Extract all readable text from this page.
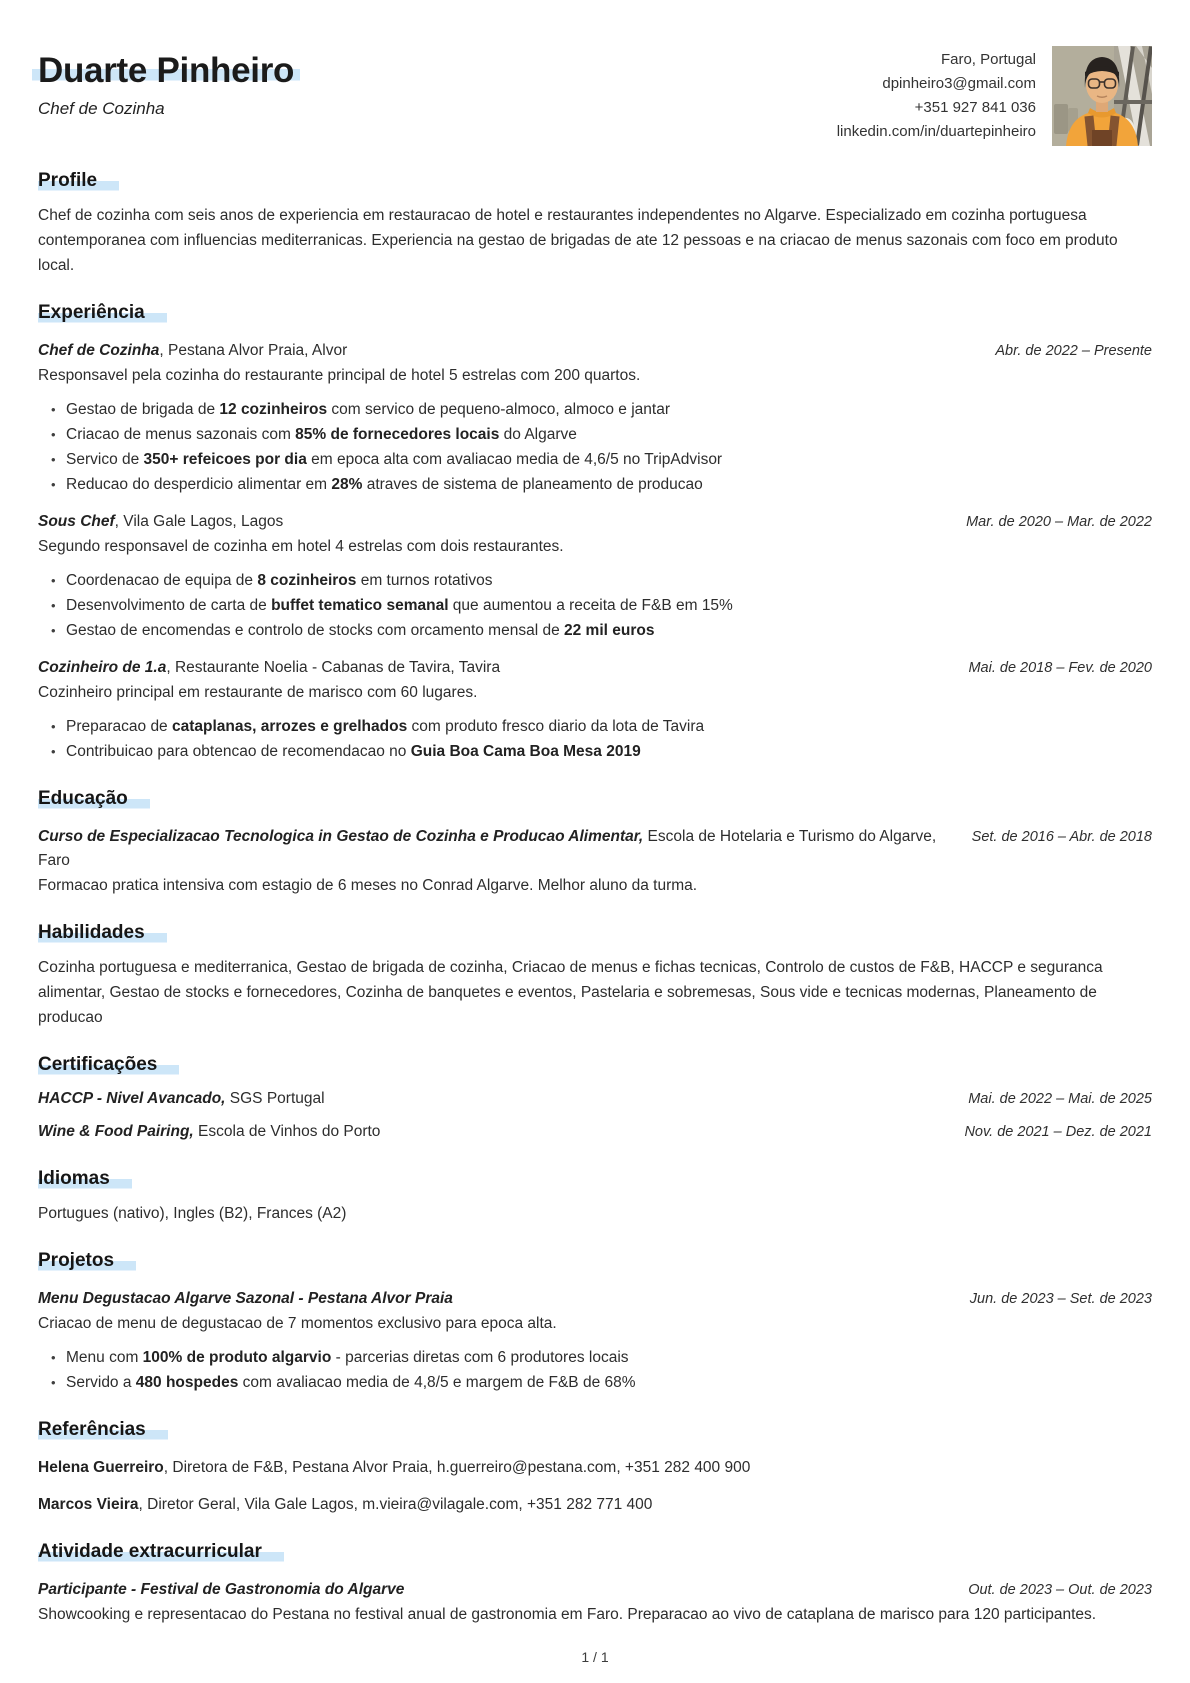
Duarte Pinheiro
Chef de Cozinha
Faro, Portugal
dpinheiro3@gmail.com
+351 927 841 036
linkedin.com/in/duartepinheiro
Profile

Chef de cozinha com seis anos de experiencia em restauracao de hotel e restaurantes independentes no Algarve. Especializado em cozinha portuguesa contemporanea com influencias mediterranicas. Experiencia na gestao de brigadas de ate 12 pessoas e na criacao de menus sazonais com foco em produto local.

Experiência
Chef de Cozinha, Pestana Alvor Praia, Alvor	Abr. de 2022 – Presente
Responsavel pela cozinha do restaurante principal de hotel 5 estrelas com 200 quartos.
• Gestao de brigada de 12 cozinheiros com servico de pequeno-almoco, almoco e jantar
• Criacao de menus sazonais com 85% de fornecedores locais do Algarve
• Servico de 350+ refeicoes por dia em epoca alta com avaliacao media de 4,6/5 no TripAdvisor
• Reducao do desperdicio alimentar em 28% atraves de sistema de planeamento de producao
Sous Chef, Vila Gale Lagos, Lagos	Mar. de 2020 – Mar. de 2022
Segundo responsavel de cozinha em hotel 4 estrelas com dois restaurantes.
• Coordenacao de equipa de 8 cozinheiros em turnos rotativos
• Desenvolvimento de carta de buffet tematico semanal que aumentou a receita de F&B em 15%
• Gestao de encomendas e controlo de stocks com orcamento mensal de 22 mil euros
Cozinheiro de 1.a, Restaurante Noelia - Cabanas de Tavira, Tavira	Mai. de 2018 – Fev. de 2020
Cozinheiro principal em restaurante de marisco com 60 lugares.
• Preparacao de cataplanas, arrozes e grelhados com produto fresco diario da lota de Tavira
• Contribuicao para obtencao de recomendacao no Guia Boa Cama Boa Mesa 2019
Educação
Curso de Especializacao Tecnologica in Gestao de Cozinha e Producao Alimentar, Escola de Hotelaria e Turismo do Algarve, Faro
Set. de 2016 – Abr. de 2018
Formacao pratica intensiva com estagio de 6 meses no Conrad Algarve. Melhor aluno da turma.
Habilidades

Cozinha portuguesa e mediterranica, Gestao de brigada de cozinha, Criacao de menus e fichas tecnicas, Controlo de custos de F&B, HACCP e seguranca alimentar, Gestao de stocks e fornecedores, Cozinha de banquetes e eventos, Pastelaria e sobremesas, Sous vide e tecnicas modernas, Planeamento de producao

Certificações
HACCP - Nivel Avancado, SGS Portugal	Mai. de 2022 – Mai. de 2025
Wine & Food Pairing, Escola de Vinhos do Porto	Nov. de 2021 – Dez. de 2021
Idiomas

Portugues (nativo), Ingles (B2), Frances (A2)

Projetos
Menu Degustacao Algarve Sazonal - Pestana Alvor Praia	Jun. de 2023 – Set. de 2023
Criacao de menu de degustacao de 7 momentos exclusivo para epoca alta.
• Menu com 100% de produto algarvio - parcerias diretas com 6 produtores locais
• Servido a 480 hospedes com avaliacao media de 4,8/5 e margem de F&B de 68%
Referências
Helena Guerreiro, Diretora de F&B, Pestana Alvor Praia, h.guerreiro@pestana.com, +351 282 400 900
Marcos Vieira, Diretor Geral, Vila Gale Lagos, m.vieira@vilagale.com, +351 282 771 400
Atividade extracurricular
Participante - Festival de Gastronomia do Algarve	Out. de 2023 – Out. de 2023
Showcooking e representacao do Pestana no festival anual de gastronomia em Faro. Preparacao ao vivo de cataplana de marisco para 120 participantes.
1 / 1
